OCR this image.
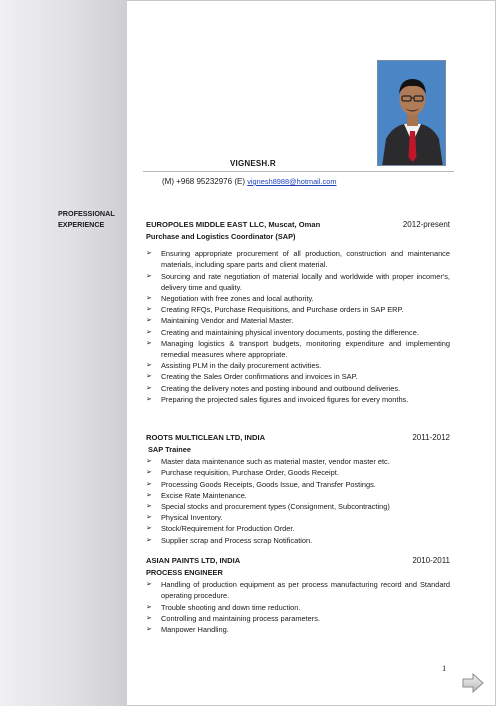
VIGNESH.R
(M) +968 95232976 (E) vignesh8988@hotmail.com
PROFESSIONAL
EXPERIENCE	EUROPOLES MIDDLE EAST LLC, Muscat, Oman	2012-present
Purchase and Logistics Coordinator (SAP)
➢ Ensuring appropriate procurement of all production, construction and maintenance materials, including spare parts and client material.
➢ Sourcing and rate negotiation of material locally and worldwide with proper incomer's, delivery time and quality.
➢ Negotiation with free zones and local authority.
➢ Creating RFQs, Purchase Requisitions, and Purchase orders in SAP ERP.
➢ Maintaining Vendor and Material Master.
➢ Creating and maintaining physical inventory documents, posting the difference.
➢ Managing logistics & transport budgets, monitoring expenditure and implementing remedial measures where appropriate.
➢ Assisting PLM in the daily procurement activities.
➢ Creating the Sales Order confirmations and invoices in SAP.
➢ Creating the delivery notes and posting inbound and outbound deliveries.
➢ Preparing the projected sales figures and invoiced figures for every months.
ROOTS MULTICLEAN LTD, INDIA	2011-2012
SAP Trainee
➢ Master data maintenance such as material master, vendor master etc.
➢ Purchase requisition, Purchase Order, Goods Receipt.
➢ Processing Goods Receipts, Goods Issue, and Transfer Postings.
➢ Excise Rate Maintenance.
➢ Special stocks and procurement types (Consignment, Subcontracting)
➢ Physical Inventory.
➢ Stock/Requirement for Production Order.
➢ Supplier scrap and Process scrap Notification.
ASIAN PAINTS LTD, INDIA	2010-2011
PROCESS ENGINEER
➢ Handling of production equipment as per process manufacturing record and Standard operating procedure.
➢ Trouble shooting and down time reduction.
➢ Controlling and maintaining process parameters.
➢ Manpower Handling.
1
